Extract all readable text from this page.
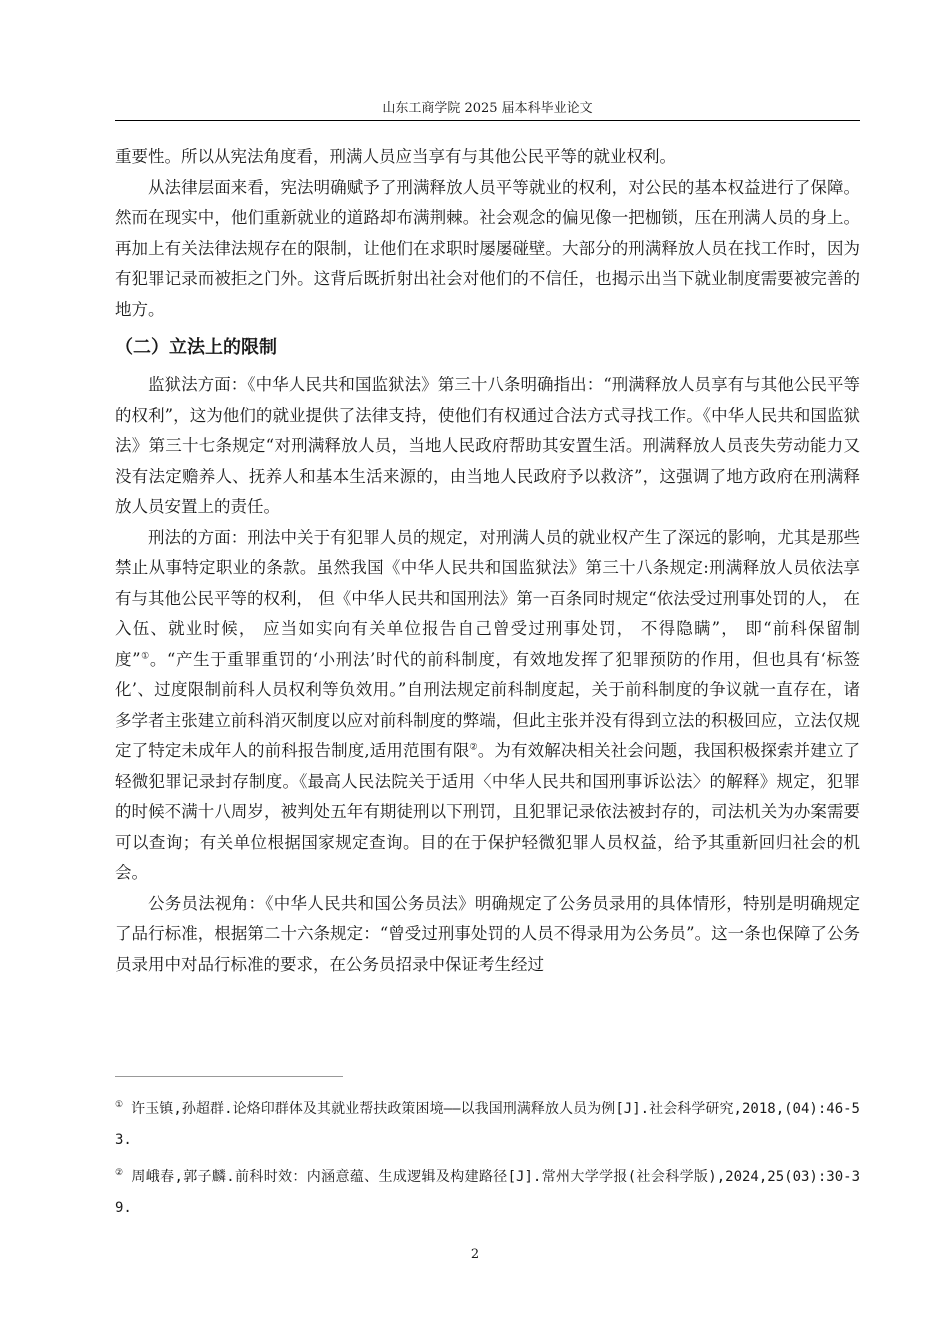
山东工商学院 2025 届本科毕业论文

重要性。所以从宪法角度看，刑满人员应当享有与其他公民平等的就业权利。

从法律层面来看，宪法明确赋予了刑满释放人员平等就业的权利，对公民的基本权益进行了保障。然而在现实中，他们重新就业的道路却布满荆棘。社会观念的偏见像一把枷锁，压在刑满人员的身上。再加上有关法律法规存在的限制，让他们在求职时屡屡碰壁。大部分的刑满释放人员在找工作时，因为有犯罪记录而被拒之门外。这背后既折射出社会对他们的不信任，也揭示出当下就业制度需要被完善的地方。

（二）立法上的限制

监狱法方面：《中华人民共和国监狱法》第三十八条明确指出：“刑满释放人员享有与其他公民平等的权利”，这为他们的就业提供了法律支持，使他们有权通过合法方式寻找工作。《中华人民共和国监狱法》第三十七条规定“对刑满释放人员，当地人民政府帮助其安置生活。刑满释放人员丧失劳动能力又没有法定赡养人、抚养人和基本生活来源的，由当地人民政府予以救济”，这强调了地方政府在刑满释放人员安置上的责任。

刑法的方面：刑法中关于有犯罪人员的规定，对刑满人员的就业权产生了深远的影响，尤其是那些禁止从事特定职业的条款。虽然我国《中华人民共和国监狱法》第三十八条规定:刑满释放人员依法享有与其他公民平等的权利， 但《中华人民共和国刑法》第一百条同时规定“依法受过刑事处罚的人， 在入伍、就业时候， 应当如实向有关单位报告自己曾受过刑事处罚， 不得隐瞒”， 即“前科保留制度”①。“产生于重罪重罚的‘小刑法’时代的前科制度，有效地发挥了犯罪预防的作用，但也具有‘标签化’、过度限制前科人员权利等负效用。”自刑法规定前科制度起，关于前科制度的争议就一直存在，诸多学者主张建立前科消灭制度以应对前科制度的弊端，但此主张并没有得到立法的积极回应，立法仅规定了特定未成年人的前科报告制度,适用范围有限②。为有效解决相关社会问题，我国积极探索并建立了轻微犯罪记录封存制度。《最高人民法院关于适用〈中华人民共和国刑事诉讼法〉的解释》规定，犯罪的时候不满十八周岁，被判处五年有期徒刑以下刑罚，且犯罪记录依法被封存的，司法机关为办案需要可以查询；有关单位根据国家规定查询。目的在于保护轻微犯罪人员权益，给予其重新回归社会的机会。

公务员法视角：《中华人民共和国公务员法》明确规定了公务员录用的具体情形，特别是明确规定了品行标准，根据第二十六条规定：“曾受过刑事处罚的人员不得录用为公务员”。这一条也保障了公务员录用中对品行标准的要求，在公务员招录中保证考生经过

① 许玉镇,孙超群.论烙印群体及其就业帮扶政策困境——以我国刑满释放人员为例[J].社会科学研究,2018,(04):46-53.

② 周峨春,郭子麟.前科时效：内涵意蕴、生成逻辑及构建路径[J].常州大学学报(社会科学版),2024,25(03):30-39.

2
